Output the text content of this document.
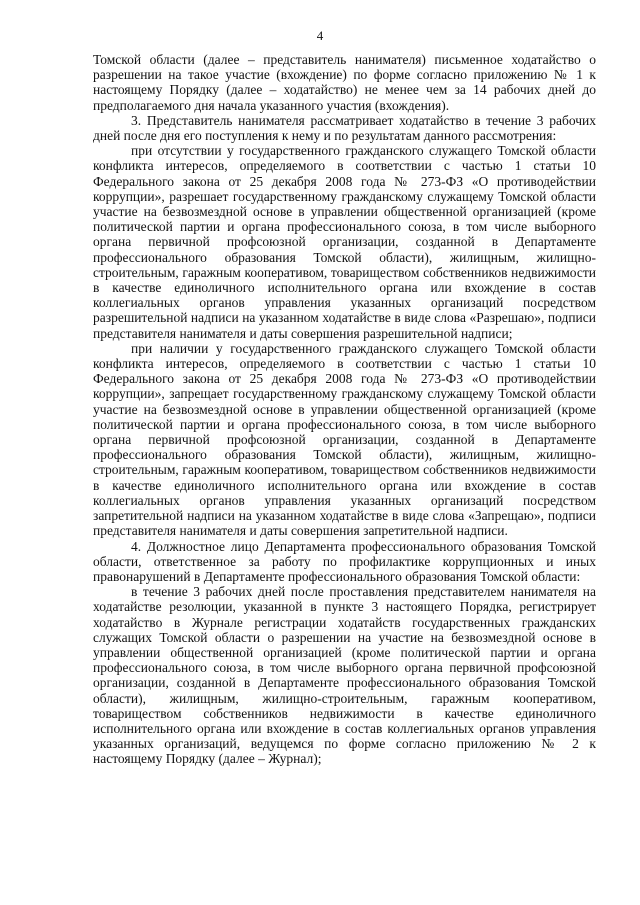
4

Томской области (далее – представитель нанимателя) письменное ходатайство о разрешении на такое участие (вхождение) по форме согласно приложению № 1 к настоящему Порядку (далее – ходатайство) не менее чем за 14 рабочих дней до предполагаемого дня начала указанного участия (вхождения).

3. Представитель нанимателя рассматривает ходатайство в течение 3 рабочих дней после дня его поступления к нему и по результатам данного рассмотрения:

при отсутствии у государственного гражданского служащего Томской области конфликта интересов, определяемого в соответствии с частью 1 статьи 10 Федерального закона от 25 декабря 2008 года № 273-ФЗ «О противодействии коррупции», разрешает государственному гражданскому служащему Томской области участие на безвозмездной основе в управлении общественной организацией (кроме политической партии и органа профессионального союза, в том числе выборного органа первичной профсоюзной организации, созданной в Департаменте профессионального образования Томской области), жилищным, жилищно-строительным, гаражным кооперативом, товариществом собственников недвижимости в качестве единоличного исполнительного органа или вхождение в состав коллегиальных органов управления указанных организаций посредством разрешительной надписи на указанном ходатайстве в виде слова «Разрешаю», подписи представителя нанимателя и даты совершения разрешительной надписи;

при наличии у государственного гражданского служащего Томской области конфликта интересов, определяемого в соответствии с частью 1 статьи 10 Федерального закона от 25 декабря 2008 года № 273-ФЗ «О противодействии коррупции», запрещает государственному гражданскому служащему Томской области участие на безвозмездной основе в управлении общественной организацией (кроме политической партии и органа профессионального союза, в том числе выборного органа первичной профсоюзной организации, созданной в Департаменте профессионального образования Томской области), жилищным, жилищно-строительным, гаражным кооперативом, товариществом собственников недвижимости в качестве единоличного исполнительного органа или вхождение в состав коллегиальных органов управления указанных организаций посредством запретительной надписи на указанном ходатайстве в виде слова «Запрещаю», подписи представителя нанимателя и даты совершения запретительной надписи.

4. Должностное лицо Департамента профессионального образования Томской области, ответственное за работу по профилактике коррупционных и иных правонарушений в Департаменте профессионального образования Томской области:

в течение 3 рабочих дней после проставления представителем нанимателя на ходатайстве резолюции, указанной в пункте 3 настоящего Порядка, регистрирует ходатайство в Журнале регистрации ходатайств государственных гражданских служащих Томской области о разрешении на участие на безвозмездной основе в управлении общественной организацией (кроме политической партии и органа профессионального союза, в том числе выборного органа первичной профсоюзной организации, созданной в Департаменте профессионального образования Томской области), жилищным, жилищно-строительным, гаражным кооперативом, товариществом собственников недвижимости в качестве единоличного исполнительного органа или вхождение в состав коллегиальных органов управления указанных организаций, ведущемся по форме согласно приложению № 2 к настоящему Порядку (далее – Журнал);
